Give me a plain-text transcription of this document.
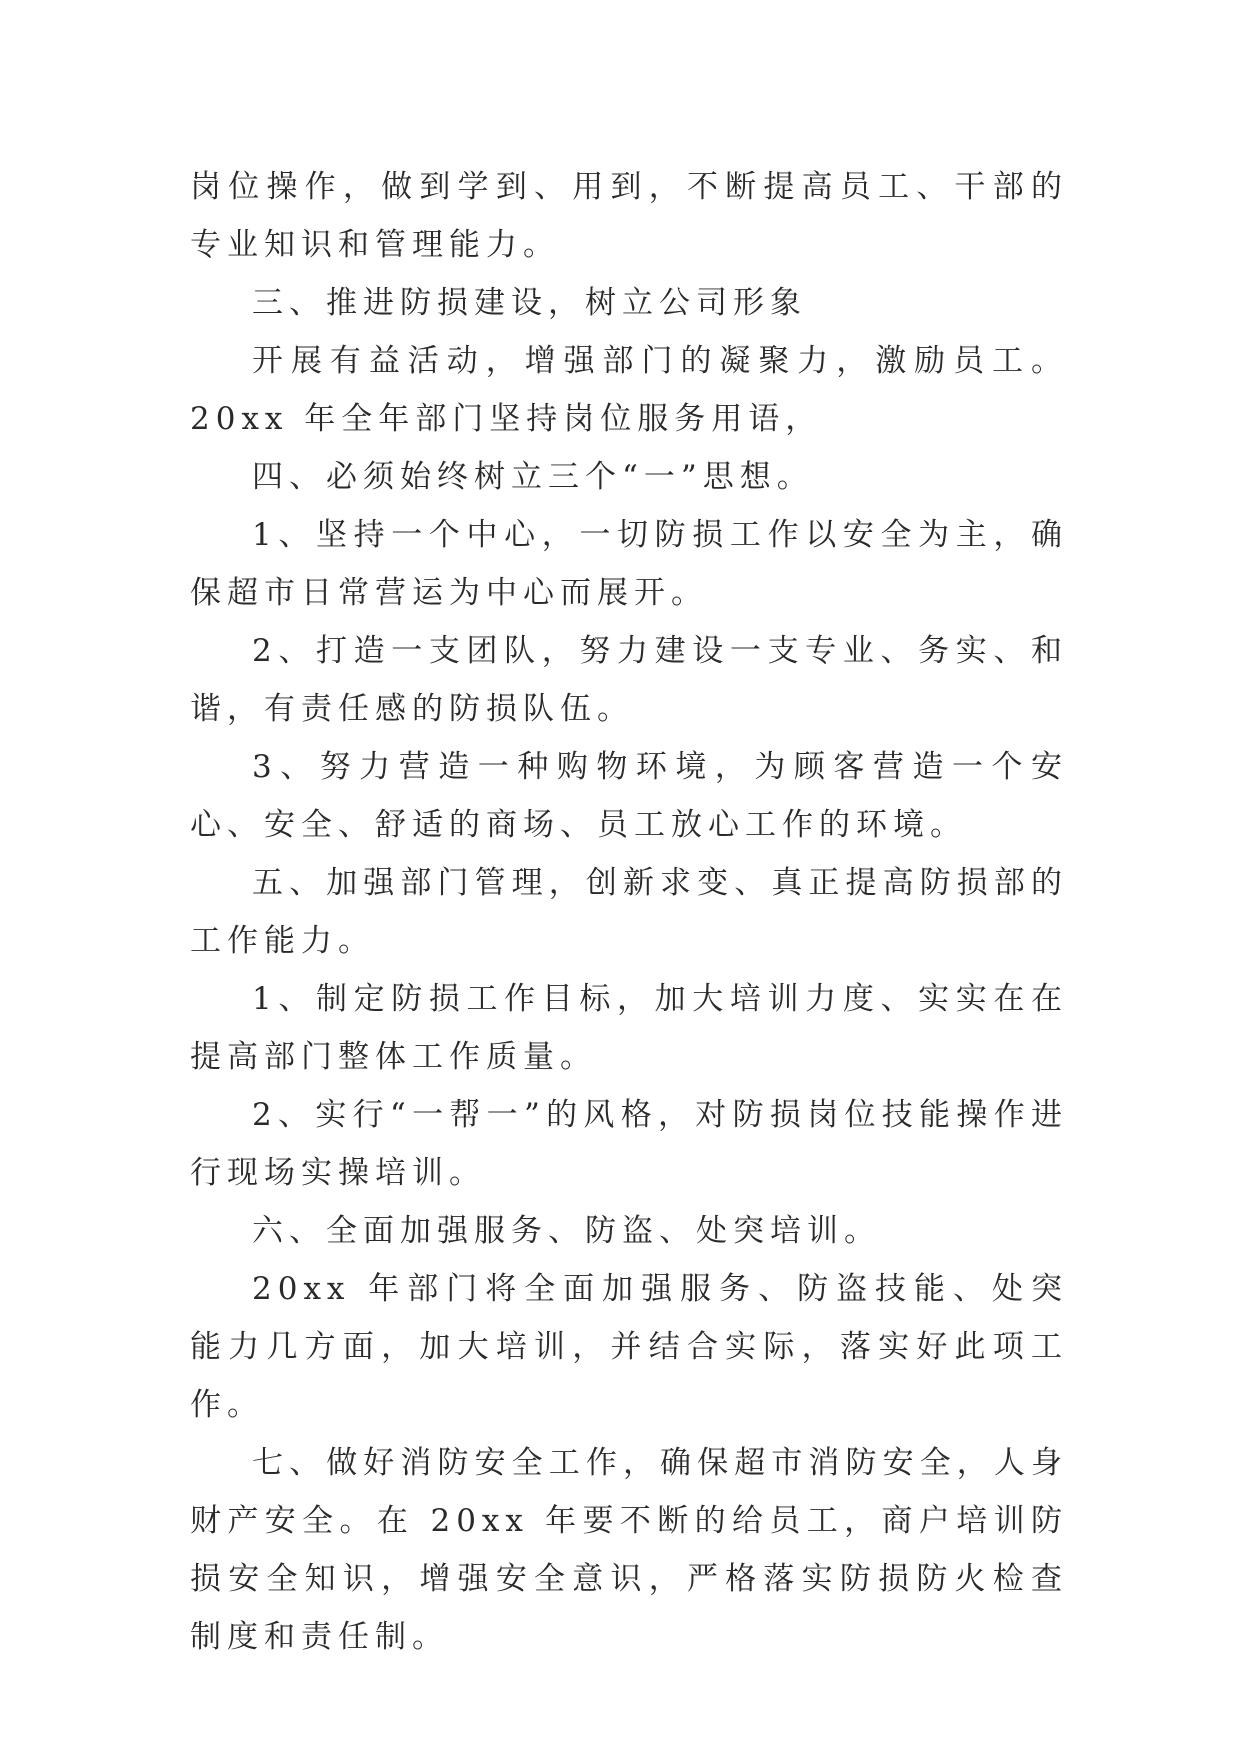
岗位操作，做到学到、用到，不断提高员工、干部的专业知识和管理能力。

三、推进防损建设，树立公司形象

开展有益活动，增强部门的凝聚力，激励员工。20xx 年全年部门坚持岗位服务用语，

四、必须始终树立三个“一”思想。

1、坚持一个中心，一切防损工作以安全为主，确保超市日常营运为中心而展开。

2、打造一支团队，努力建设一支专业、务实、和谐，有责任感的防损队伍。

3、努力营造一种购物环境，为顾客营造一个安心、安全、舒适的商场、员工放心工作的环境。

五、加强部门管理，创新求变、真正提高防损部的工作能力。

1、制定防损工作目标，加大培训力度、实实在在提高部门整体工作质量。

2、实行“一帮一”的风格，对防损岗位技能操作进行现场实操培训。

六、全面加强服务、防盗、处突培训。

20xx 年部门将全面加强服务、防盗技能、处突能力几方面，加大培训，并结合实际，落实好此项工作。

七、做好消防安全工作，确保超市消防安全，人身财产安全。在 20xx 年要不断的给员工，商户培训防损安全知识，增强安全意识，严格落实防损防火检查制度和责任制。
